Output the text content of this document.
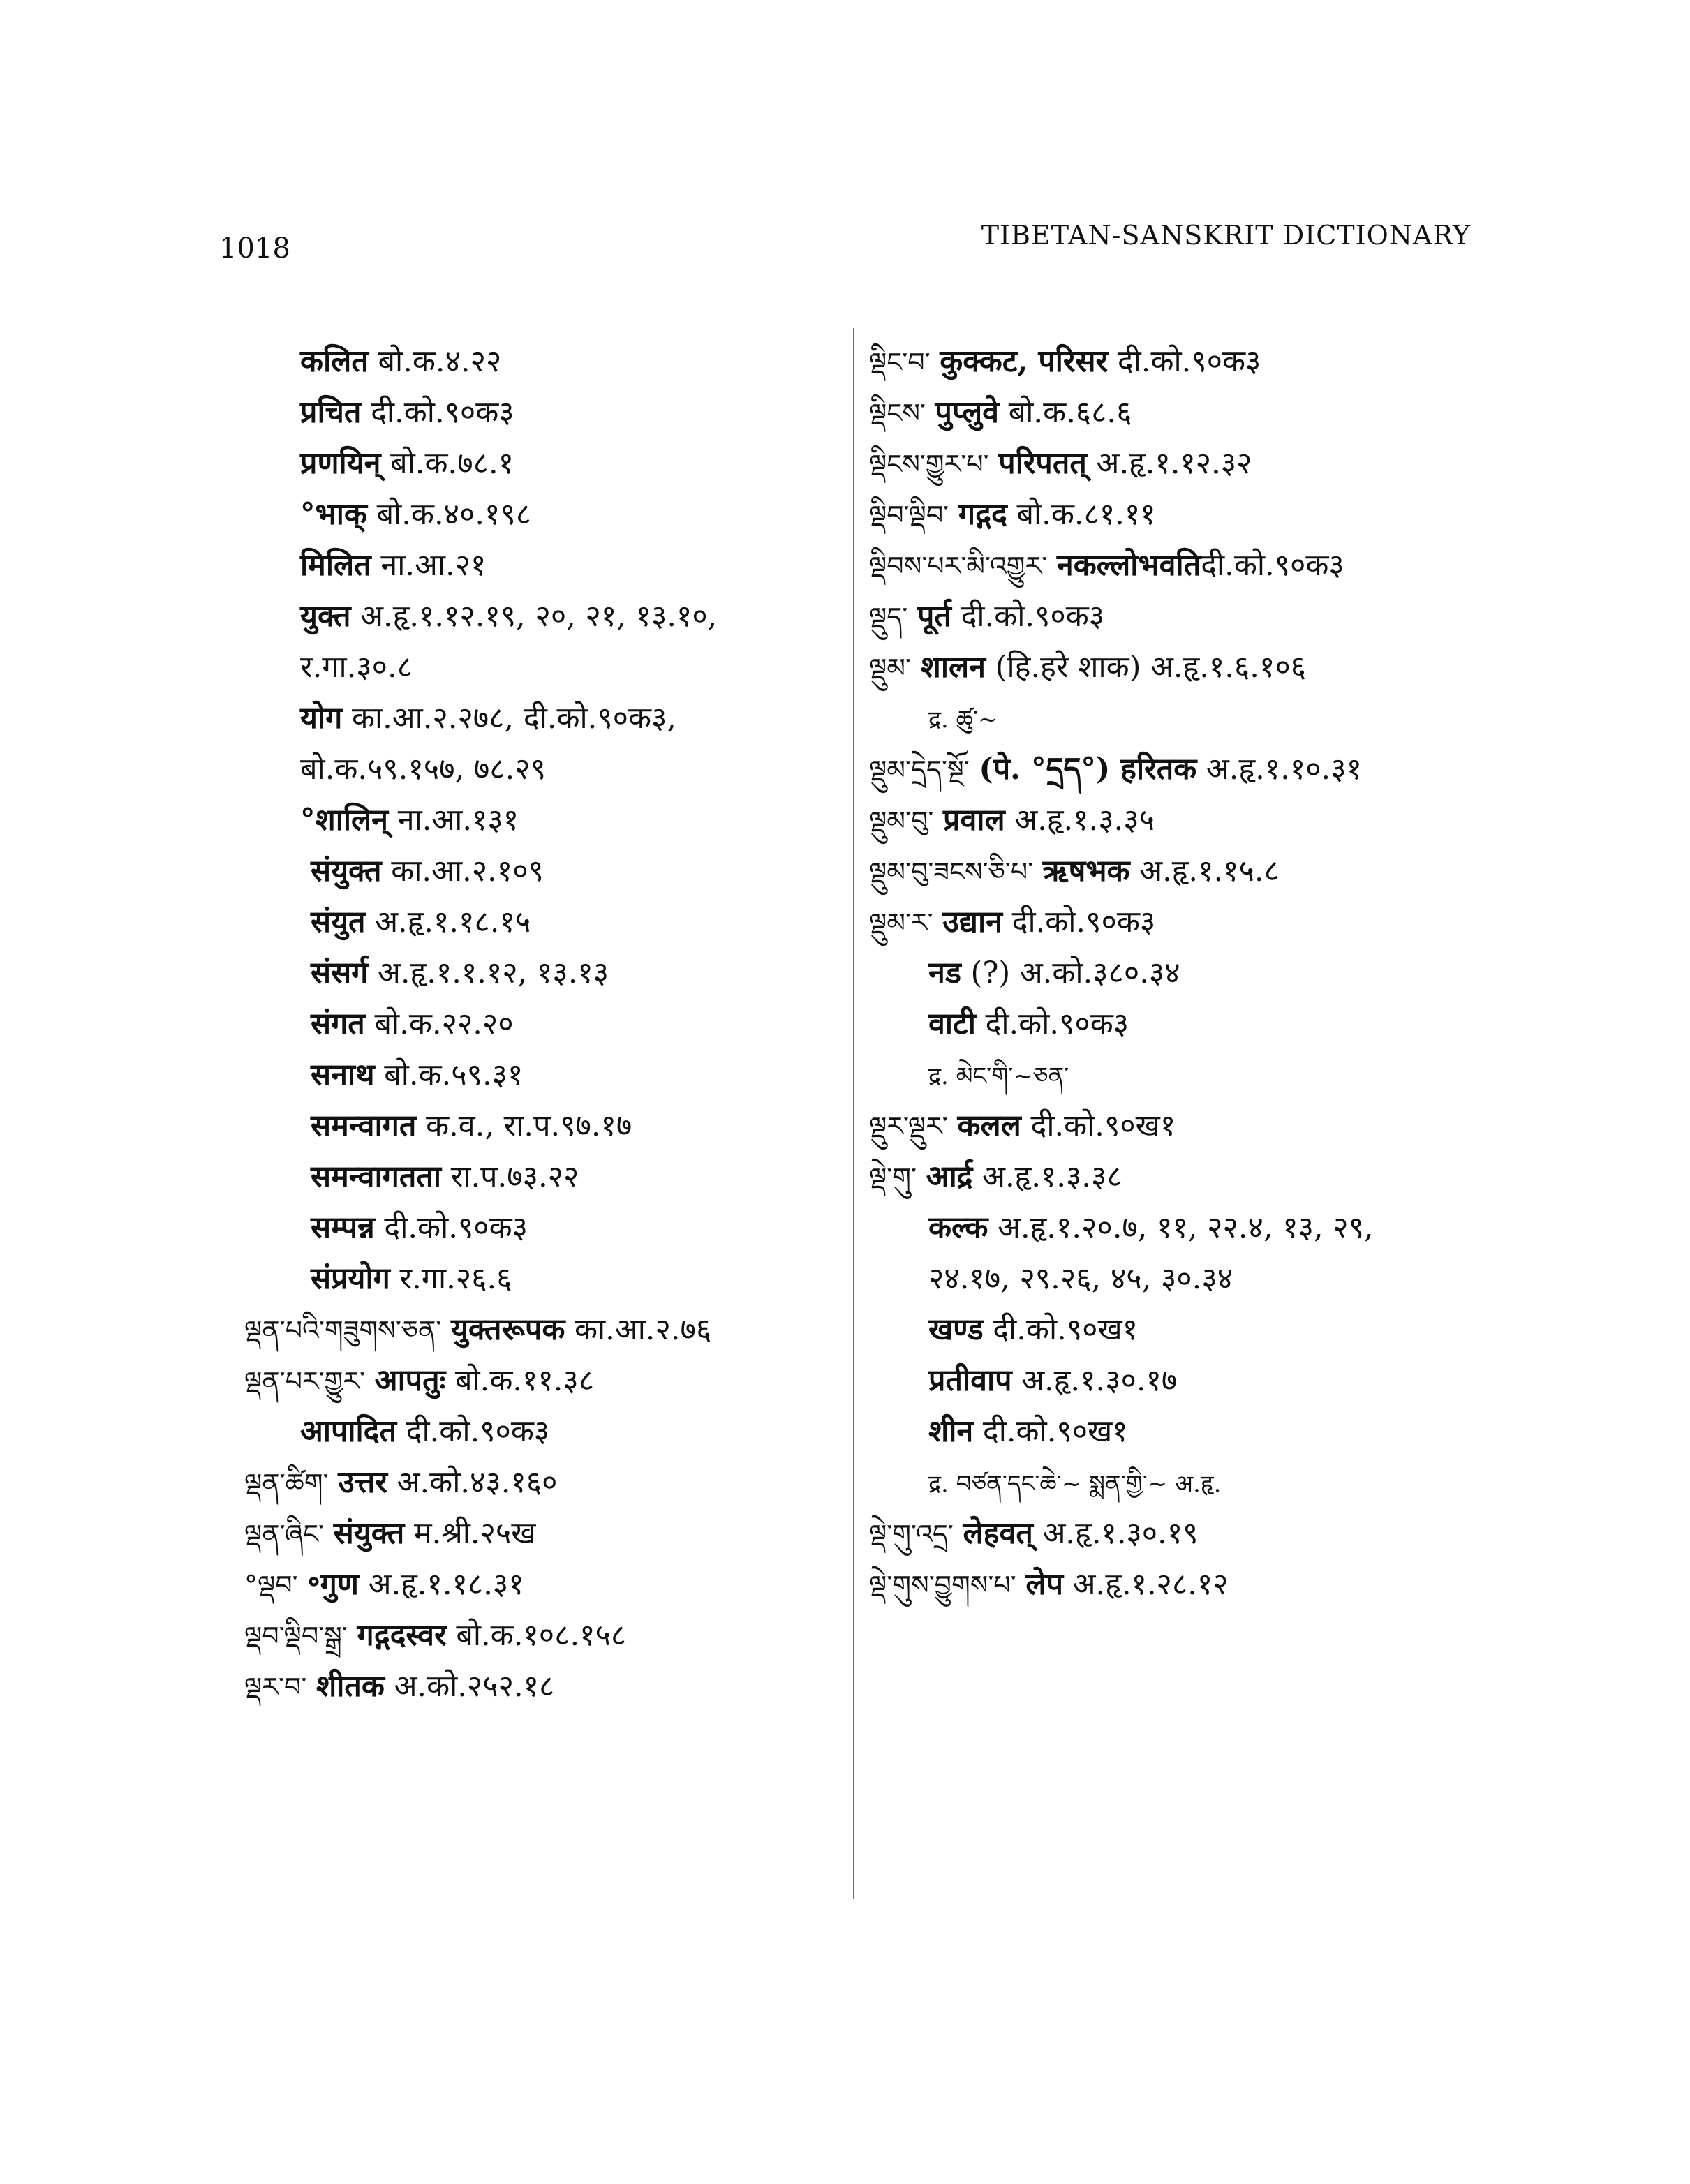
1018	TIBETAN-SANSKRIT DICTIONARY
कलित बो.क.४.२२
प्रचित दी.को.९०क३
प्रणयिन् बो.क.७८.१
°भाक् बो.क.४०.१९८
मिलित ना.आ.२१
युक्त अ.हृ.१.१२.१९, २०, २१, १३.१०,
र.गा.३०.८
योग का.आ.२.२७८, दी.को.९०क३,
बो.क.५९.१५७, ७८.२९
°शालिन् ना.आ.१३१
संयुक्त का.आ.२.१०९
संयुत अ.हृ.१.१८.१५
संसर्ग अ.हृ.१.१.१२, १३.१३
संगत बो.क.२२.२०
सनाथ बो.क.५९.३१
समन्वागत क.व., रा.प.९७.१७
समन्वागतता रा.प.७३.२२
सम्पन्न दी.को.९०क३
संप्रयोग र.गा.२६.६
ལྡན་པའི་གཟུགས་ཅན་ युक्तरूपक का.आ.२.७६
ལྡན་པར་གྱུར་ आपतुः बो.क.११.३८
आपादित दी.को.९०क३
ལྡན་ཚིག་ उत्तर अ.को.४३.१६०
ལྡན་ཞིང་ संयुक्त म.श्री.२५ख
°ལྡབ་ ॰गुण अ.हृ.१.१८.३१
ལྡབ་ལྡིབ་སྒྲ་ गद्गदस्वर बो.क.१०८.१५८
ལྡར་བ་ शीतक अ.को.२५२.१८
ལྡིང་བ་ कुक्कट, परिसर दी.को.९०क३
ལྡིངས་ पुप्लुवे बो.क.६८.६
ལྡིངས་གྱུར་པ་ परिपतत् अ.हृ.१.१२.३२
ལྡིབ་ལྡིབ་ गद्गद बो.क.८१.११
ལྡིབས་པར་མི་འགྱུར་ नकल्लोभवतिदी.को.९०क३
ལྡུད་ पूर्त दी.को.९०क३
ལྡུམ་ शालन (हि.हरे शाक) अ.हृ.१.६.१०६
द्र. ཚུ་~
ལྡུམ་དྲེད་སྔོ་ (पे. °དྲད°) हरितक अ.हृ.१.१०.३१
ལྡུམ་བུ་ प्रवाल अ.हृ.१.३.३५
ལྡུམ་བུ་ཟངས་ཅི་པ་ ऋषभक अ.हृ.१.१५.८
ལྡུམ་ར་ उद्यान दी.को.९०क३
नड (?) अ.को.३८०.३४
वाटी दी.को.९०क३
द्र. མེང་གི་~ཅན་
ལྡུར་ལྡུར་ कलल दी.को.९०ख१
ལྡེ་གུ་ आर्द्र अ.हृ.१.३.३८
कल्क अ.हृ.१.२०.७, ११, २२.४, १३, २९,
२४.१७, २९.२६, ४५, ३०.३४
खण्ड दी.को.९०ख१
प्रतीवाप अ.हृ.१.३०.१७
शीन दी.को.९०ख१
द्र. བཙན་དང་ཆེ་~ སྨན་གྱི་~ अ.हृ.
ལྡེ་གུ་འདྲ་ लेहवत् अ.हृ.१.३०.१९
ལྡེ་གུས་བྱུགས་པ་ लेप अ.हृ.१.२८.१२
